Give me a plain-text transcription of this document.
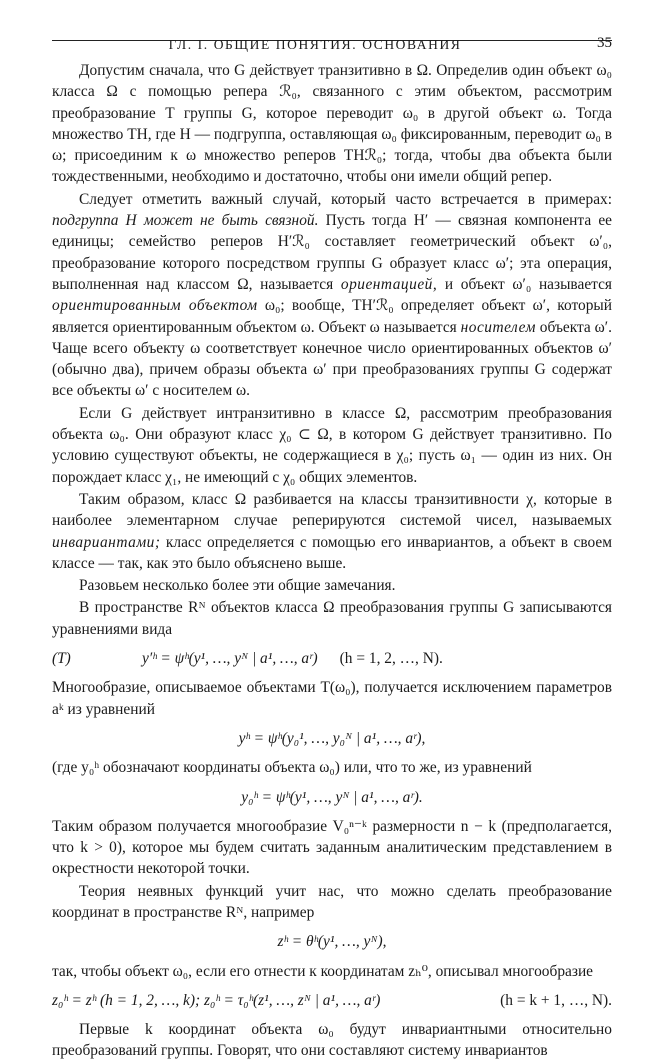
ГЛ. I. ОБЩИЕ ПОНЯТИЯ. ОСНОВАНИЯ	35

Допустим сначала, что G действует транзитивно в Ω. Определив один объект ω₀ класса Ω с помощью репера ℛ₀, связанного с этим объектом, рассмотрим преобразование T группы G, которое переводит ω₀ в другой объект ω. Тогда множество TH, где H — подгруппа, оставляющая ω₀ фиксированным, переводит ω₀ в ω; присоединим к ω множество реперов THℛ₀; тогда, чтобы два объекта были тождественными, необходимо и достаточно, чтобы они имели общий репер.

Следует отметить важный случай, который часто встречается в примерах: подгруппа H может не быть связной. Пусть тогда H′ — связная компонента ее единицы; семейство реперов H′ℛ₀ составляет геометрический объект ω′₀, преобразование которого посредством группы G образует класс ω′; эта операция, выполненная над классом Ω, называется ориентацией, и объект ω′₀ называется ориентированным объектом ω₀; вообще, TH′ℛ₀ определяет объект ω′, который является ориентированным объектом ω. Объект ω называется носителем объекта ω′. Чаще всего объекту ω соответствует конечное число ориентированных объектов ω′ (обычно два), причем образы объекта ω′ при преобразованиях группы G содержат все объекты ω′ с носителем ω.

Если G действует интранзитивно в классе Ω, рассмотрим преобразования объекта ω₀. Они образуют класс χ₀ ⊂ Ω, в котором G действует транзитивно. По условию существуют объекты, не содержащиеся в χ₀; пусть ω₁ — один из них. Он порождает класс χ₁, не имеющий с χ₀ общих элементов.

Таким образом, класс Ω разбивается на классы транзитивности χ, которые в наиболее элементарном случае реперируются системой чисел, называемых инвариантами; класс определяется с помощью его инвариантов, а объект в своем классе — так, как это было объяснено выше.

Разовьем несколько более эти общие замечания.

В пространстве Rᴺ объектов класса Ω преобразования группы G записываются уравнениями вида

(T)	y′ʰ = ψʰ(y¹, …, yᴺ | a¹, …, aʳ) (h = 1, 2, …, N).

Многообразие, описываемое объектами T(ω₀), получается исключением параметров aᵏ из уравнений

yʰ = ψʰ(y₀¹, …, y₀ᴺ | a¹, …, aʳ),

(где y₀ʰ обозначают координаты объекта ω₀) или, что то же, из уравнений

y₀ʰ = ψʰ(y¹, …, yᴺ | a¹, …, aʳ).

Таким образом получается многообразие V₀ⁿ⁻ᵏ размерности n − k (предполагается, что k > 0), которое мы будем считать заданным аналитическим представлением в окрестности некоторой точки.

Теория неявных функций учит нас, что можно сделать преобразование координат в пространстве Rᴺ, например

zʰ = θʰ(y¹, …, yᴺ),

так, чтобы объект ω₀, если его отнести к координатам zₕ⁰, описывал многообразие

z₀ʰ = zʰ (h = 1, 2, …, k); z₀ʰ = τ₀ʰ(z¹, …, zᴺ | a¹, …, aʳ)	(h = k + 1, …, N).

Первые k координат объекта ω₀ будут инвариантными относительно преобразований группы. Говорят, что они составляют систему инвариантов
